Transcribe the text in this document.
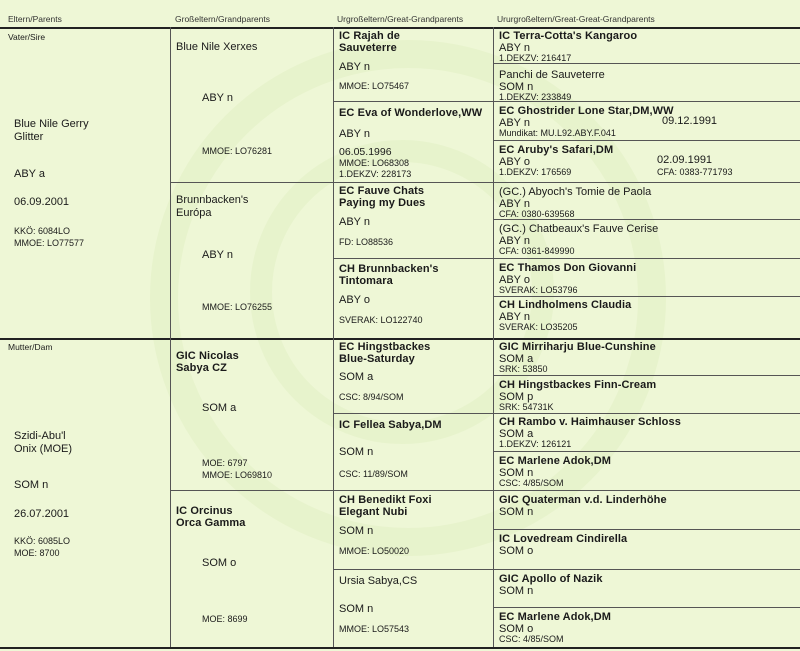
Eltern/Parents	Großeltern/Grandparents	Urgroßeltern/Great-Grandparents	Ururgroßeltern/Great-Great-Grandparents
Vater/Sire
Blue Nile Gerry
Glitter
ABY a
06.09.2001
KKÖ: 6084LO
MMOE: LO77577
Blue Nile Xerxes
ABY n
MMOE: LO76281
Brunnbacken's
Európa
ABY n
MMOE: LO76255
IC Rajah de
Sauveterre
ABY n
MMOE: LO75467
EC Eva of Wonderlove,WW
ABY n
06.05.1996
MMOE: LO68308
1.DEKZV: 228173
EC Fauve Chats
Paying my Dues
ABY n
FD: LO88536
CH Brunnbacken's
Tintomara
ABY o
SVERAK: LO122740
IC Terra-Cotta's Kangaroo
ABY n
1.DEKZV: 216417
Panchi de Sauveterre
SOM n
1.DEKZV: 233849
EC Ghostrider Lone Star,DM,WW
ABY n	09.12.1991
Mundikat: MU.L92.ABY.F.041
EC Aruby's Safari,DM
ABY o	02.09.1991
1.DEKZV: 176569	CFA: 0383-771793
(GC.) Abyoch's Tomie de Paola
ABY n
CFA: 0380-639568
(GC.) Chatbeaux's Fauve Cerise
ABY n
CFA: 0361-849990
EC Thamos Don Giovanni
ABY o
SVERAK: LO53796
CH Lindholmens Claudia
ABY n
SVERAK: LO35205
Mutter/Dam
Szidi-Abu'l
Onix (MOE)
SOM n
26.07.2001
KKÖ: 6085LO
MOE: 8700
GIC Nicolas
Sabya CZ
SOM a
MOE: 6797
MMOE: LO69810
IC Orcinus
Orca Gamma
SOM o
MOE: 8699
EC Hingstbackes
Blue-Saturday
SOM a
CSC: 8/94/SOM
IC Fellea Sabya,DM
SOM n
CSC: 11/89/SOM
CH Benedikt Foxi
Elegant Nubi
SOM n
MMOE: LO50020
Ursia Sabya,CS
SOM n
MMOE: LO57543
GIC Mirriharju Blue-Cunshine
SOM a
SRK: 53850
CH Hingstbackes Finn-Cream
SOM p
SRK: 54731K
CH Rambo v. Haimhauser Schloss
SOM a
1.DEKZV: 126121
EC Marlene Adok,DM
SOM n
CSC: 4/85/SOM
GIC Quaterman v.d. Linderhöhe
SOM n
IC Lovedream Cindirella
SOM o
GIC Apollo of Nazik
SOM n
EC Marlene Adok,DM
SOM o
CSC: 4/85/SOM
